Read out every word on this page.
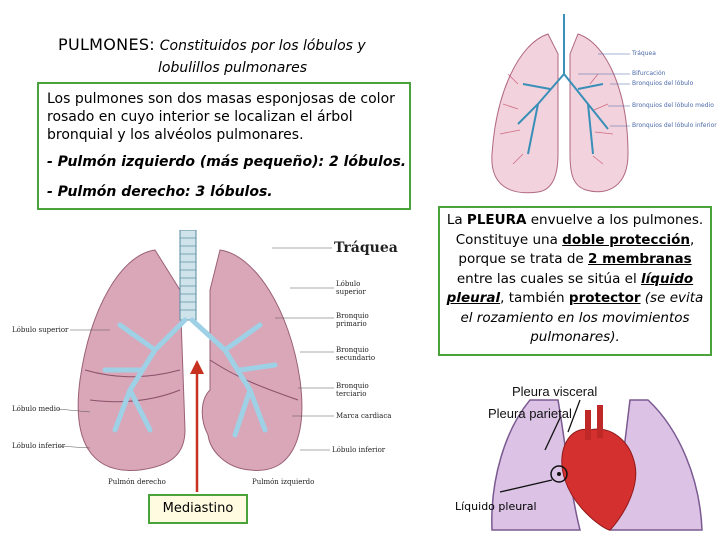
PULMONES: Constituidos por los lóbulos y
lobulillos pulmonares
Los pulmones son dos masas esponjosas de color rosado en cuyo interior se localizan el árbol bronquial y los alvéolos pulmonares.
- Pulmón izquierdo (más pequeño): 2 lóbulos.
- Pulmón derecho: 3 lóbulos.
Tráquea
Bifurcación
Bronquios del lóbulo
Bronquios del lóbulo medio
Bronquios del lóbulo inferior
La PLEURA envuelve a los pulmones. Constituye una doble protección, porque se trata de 2 membranas entre las cuales se sitúa el líquido pleural, también protector (se evita el rozamiento en los movimientos pulmonares).
Tráquea
Lóbulo superior
Lóbulo medio
Lóbulo inferior
Lóbulo superior
Bronquio primario
Bronquio secundario
Bronquio terciario
Marca cardiaca
Lóbulo inferior
Pulmón derecho	Pulmón izquierdo
Mediastino
Pleura visceral
Pleura parietal
Líquido pleural
